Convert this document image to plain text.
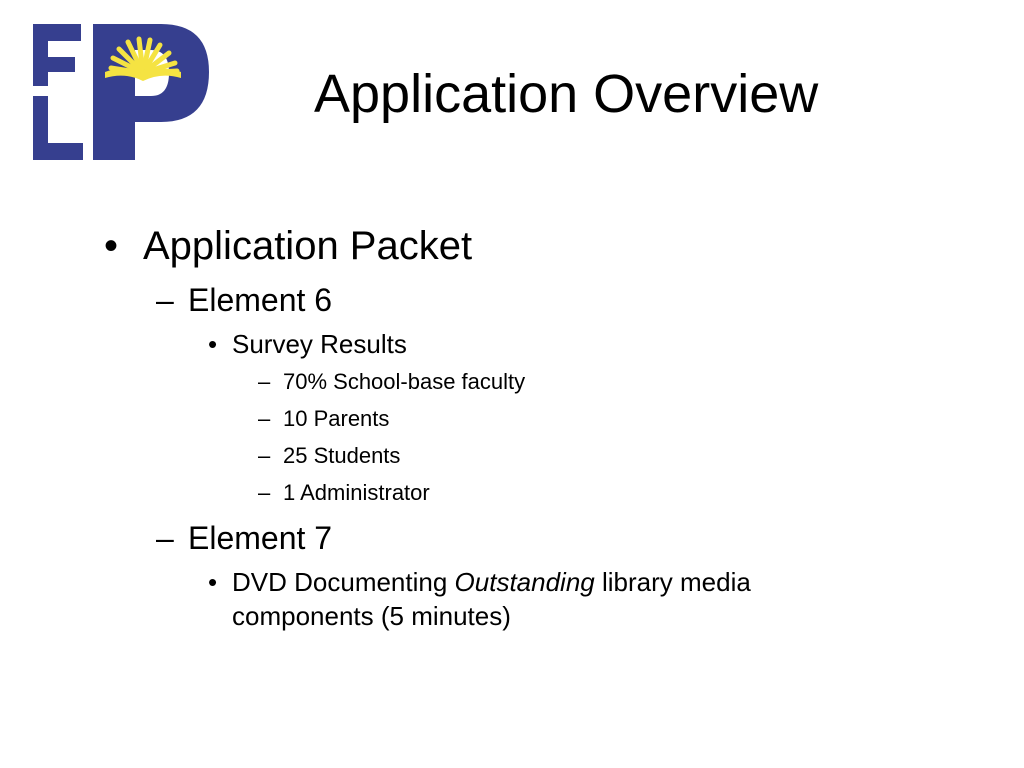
Application Overview
• Application Packet
– Element 6
• Survey Results
– 70% School-base faculty
– 10 Parents
– 25 Students
– 1 Administrator
– Element 7
• DVD Documenting Outstanding library media
components (5 minutes)
